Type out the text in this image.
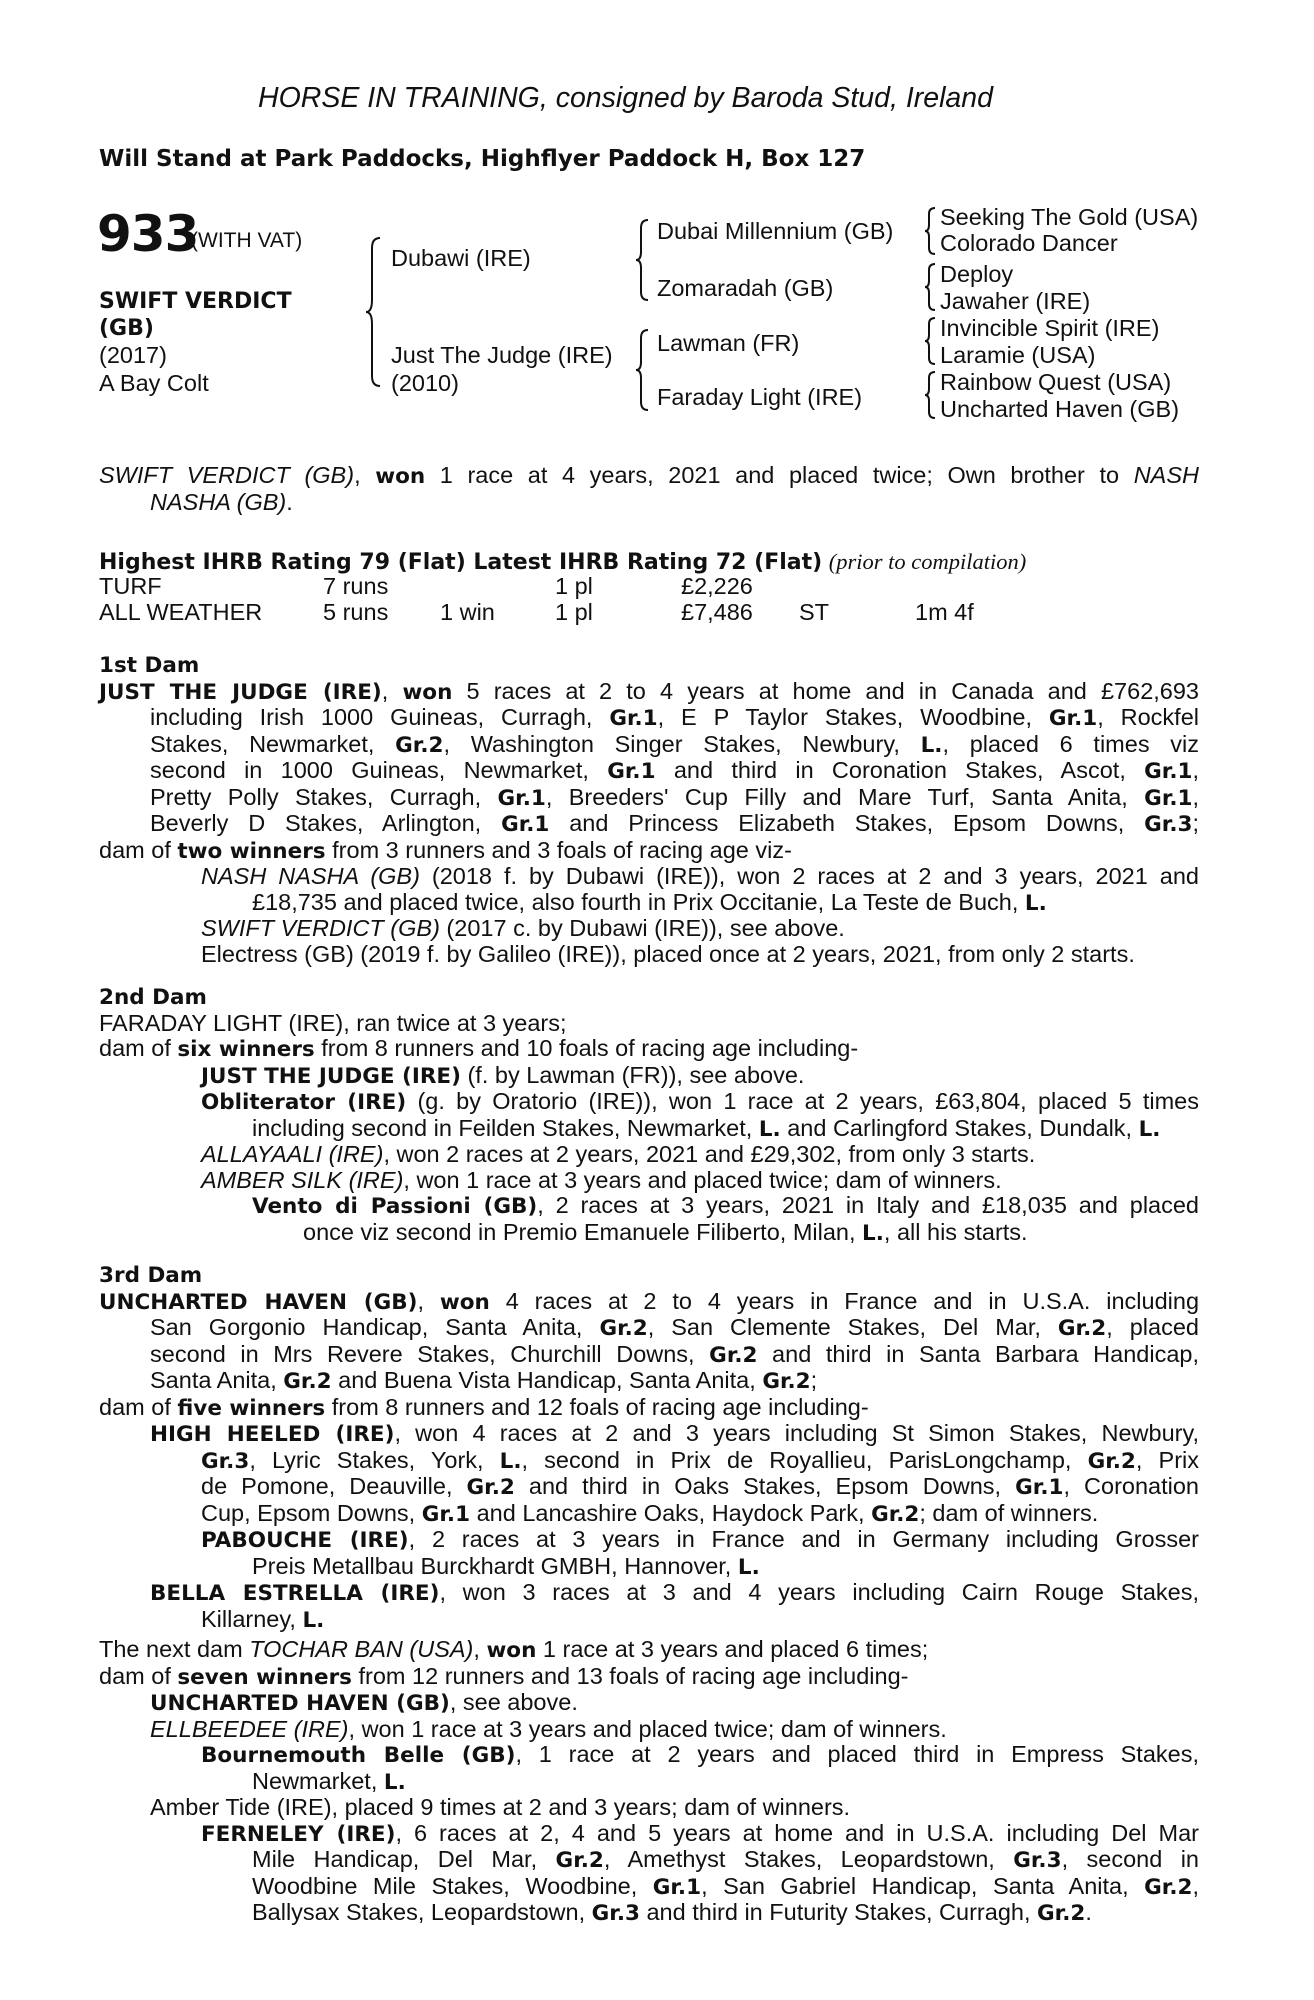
HORSE IN TRAINING, consigned by Baroda Stud, Ireland
Will Stand at Park Paddocks, Highflyer Paddock H, Box 127
933
(WITH VAT)
SWIFT VERDICT
(GB)
(2017)
A Bay Colt
Dubawi (IRE)
Just The Judge (IRE)
(2010)
Dubai Millennium (GB)
Zomaradah (GB)
Lawman (FR)
Faraday Light (IRE)
Seeking The Gold (USA)
Colorado Dancer
Deploy
Jawaher (IRE)
Invincible Spirit (IRE)
Laramie (USA)
Rainbow Quest (USA)
Uncharted Haven (GB)
SWIFT VERDICT (GB), won 1 race at 4 years, 2021 and placed twice; Own brother to NASH
NASHA (GB).
Highest IHRB Rating 79 (Flat) Latest IHRB Rating 72 (Flat) (prior to compilation)
TURF	7 runs	1 pl	£2,226
ALL WEATHER	5 runs 1 win	1 pl	£7,486 ST	1m 4f
1st Dam
JUST THE JUDGE (IRE), won 5 races at 2 to 4 years at home and in Canada and £762,693
including Irish 1000 Guineas, Curragh, Gr.1, E P Taylor Stakes, Woodbine, Gr.1, Rockfel
Stakes, Newmarket, Gr.2, Washington Singer Stakes, Newbury, L., placed 6 times viz
second in 1000 Guineas, Newmarket, Gr.1 and third in Coronation Stakes, Ascot, Gr.1,
Pretty Polly Stakes, Curragh, Gr.1, Breeders' Cup Filly and Mare Turf, Santa Anita, Gr.1,
Beverly D Stakes, Arlington, Gr.1 and Princess Elizabeth Stakes, Epsom Downs, Gr.3;
dam of two winners from 3 runners and 3 foals of racing age viz-
NASH NASHA (GB) (2018 f. by Dubawi (IRE)), won 2 races at 2 and 3 years, 2021 and
£18,735 and placed twice, also fourth in Prix Occitanie, La Teste de Buch, L.
SWIFT VERDICT (GB) (2017 c. by Dubawi (IRE)), see above.
Electress (GB) (2019 f. by Galileo (IRE)), placed once at 2 years, 2021, from only 2 starts.
2nd Dam
FARADAY LIGHT (IRE), ran twice at 3 years;
dam of six winners from 8 runners and 10 foals of racing age including-
JUST THE JUDGE (IRE) (f. by Lawman (FR)), see above.
Obliterator (IRE) (g. by Oratorio (IRE)), won 1 race at 2 years, £63,804, placed 5 times
including second in Feilden Stakes, Newmarket, L. and Carlingford Stakes, Dundalk, L.
ALLAYAALI (IRE), won 2 races at 2 years, 2021 and £29,302, from only 3 starts.
AMBER SILK (IRE), won 1 race at 3 years and placed twice; dam of winners.
Vento di Passioni (GB), 2 races at 3 years, 2021 in Italy and £18,035 and placed
once viz second in Premio Emanuele Filiberto, Milan, L., all his starts.
3rd Dam
UNCHARTED HAVEN (GB), won 4 races at 2 to 4 years in France and in U.S.A. including
San Gorgonio Handicap, Santa Anita, Gr.2, San Clemente Stakes, Del Mar, Gr.2, placed
second in Mrs Revere Stakes, Churchill Downs, Gr.2 and third in Santa Barbara Handicap,
Santa Anita, Gr.2 and Buena Vista Handicap, Santa Anita, Gr.2;
dam of five winners from 8 runners and 12 foals of racing age including-
HIGH HEELED (IRE), won 4 races at 2 and 3 years including St Simon Stakes, Newbury,
Gr.3, Lyric Stakes, York, L., second in Prix de Royallieu, ParisLongchamp, Gr.2, Prix
de Pomone, Deauville, Gr.2 and third in Oaks Stakes, Epsom Downs, Gr.1, Coronation
Cup, Epsom Downs, Gr.1 and Lancashire Oaks, Haydock Park, Gr.2; dam of winners.
PABOUCHE (IRE), 2 races at 3 years in France and in Germany including Grosser
Preis Metallbau Burckhardt GMBH, Hannover, L.
BELLA ESTRELLA (IRE), won 3 races at 3 and 4 years including Cairn Rouge Stakes,
Killarney, L.
The next dam TOCHAR BAN (USA), won 1 race at 3 years and placed 6 times;
dam of seven winners from 12 runners and 13 foals of racing age including-
UNCHARTED HAVEN (GB), see above.
ELLBEEDEE (IRE), won 1 race at 3 years and placed twice; dam of winners.
Bournemouth Belle (GB), 1 race at 2 years and placed third in Empress Stakes,
Newmarket, L.
Amber Tide (IRE), placed 9 times at 2 and 3 years; dam of winners.
FERNELEY (IRE), 6 races at 2, 4 and 5 years at home and in U.S.A. including Del Mar
Mile Handicap, Del Mar, Gr.2, Amethyst Stakes, Leopardstown, Gr.3, second in
Woodbine Mile Stakes, Woodbine, Gr.1, San Gabriel Handicap, Santa Anita, Gr.2,
Ballysax Stakes, Leopardstown, Gr.3 and third in Futurity Stakes, Curragh, Gr.2.
